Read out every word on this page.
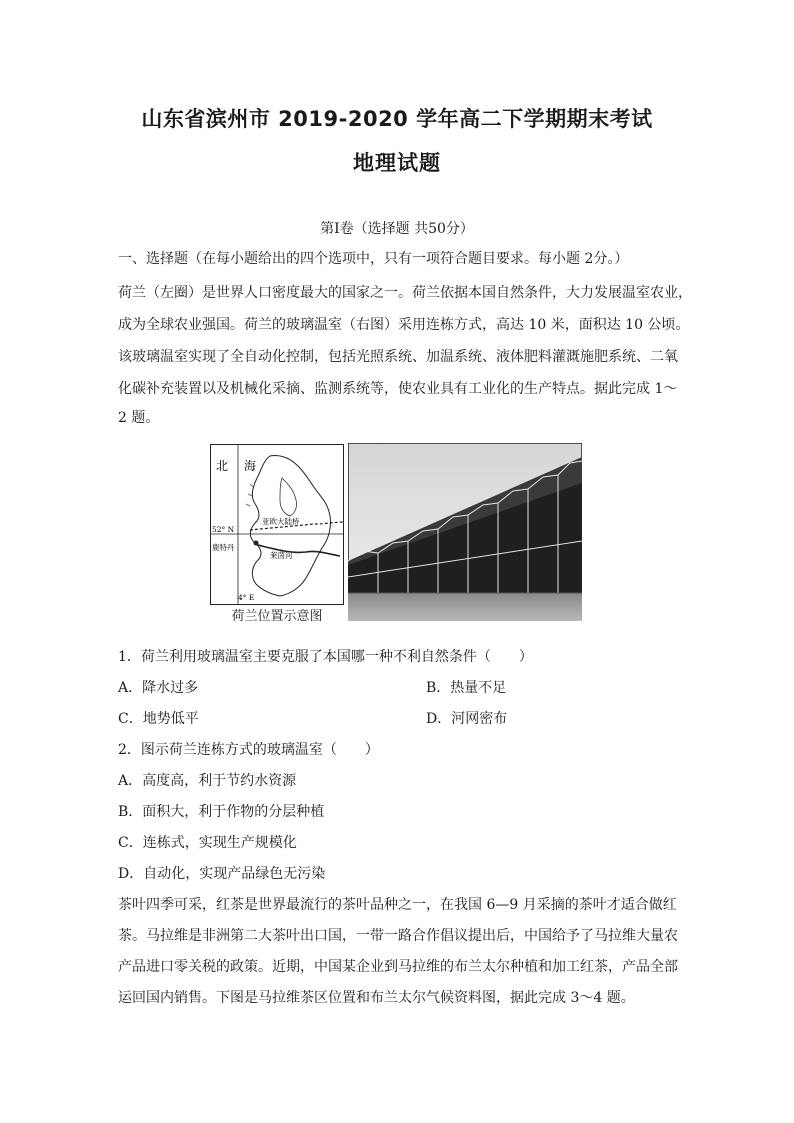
山东省滨州市 2019-2020 学年高二下学期期末考试
地理试题
第Ⅰ卷（选择题 共50分）
一、选择题（在每小题给出的四个选项中，只有一项符合题目要求。每小题 2分。）
荷兰（左圈）是世界人口密度最大的国家之一。荷兰依据本国自然条件，大力发展温室农业，
成为全球农业强国。荷兰的玻璃温室（右图）采用连栋方式，高达 10 米，面积达 10 公顷。
该玻璃温室实现了全自动化控制，包括光照系统、加温系统、液体肥料灌溉施肥系统、二氧
化碳补充装置以及机械化采摘、监测系统等，使农业具有工业化的生产特点。据此完成 1～
2 题。
北 海
52° N
鹿特丹
亚欧大陆桥
莱茵河
4° E
荷兰位置示意图
1．荷兰利用玻璃温室主要克服了本国哪一种不利自然条件（　　）
A．降水过多	B．热量不足
C．地势低平	D．河网密布
2．图示荷兰连栋方式的玻璃温室（　　）
A．高度高，利于节约水资源
B．面积大，利于作物的分层种植
C．连栋式，实现生产规模化
D．自动化，实现产品绿色无污染
茶叶四季可采，红茶是世界最流行的茶叶品种之一，在我国 6—9 月采摘的茶叶才适合做红
茶。马拉维是非洲第二大茶叶出口国，一带一路合作倡议提出后，中国给予了马拉维大量农
产品进口零关税的政策。近期，中国某企业到马拉维的布兰太尔种植和加工红茶，产品全部
运回国内销售。下图是马拉维茶区位置和布兰太尔气候资料图，据此完成 3～4 题。
